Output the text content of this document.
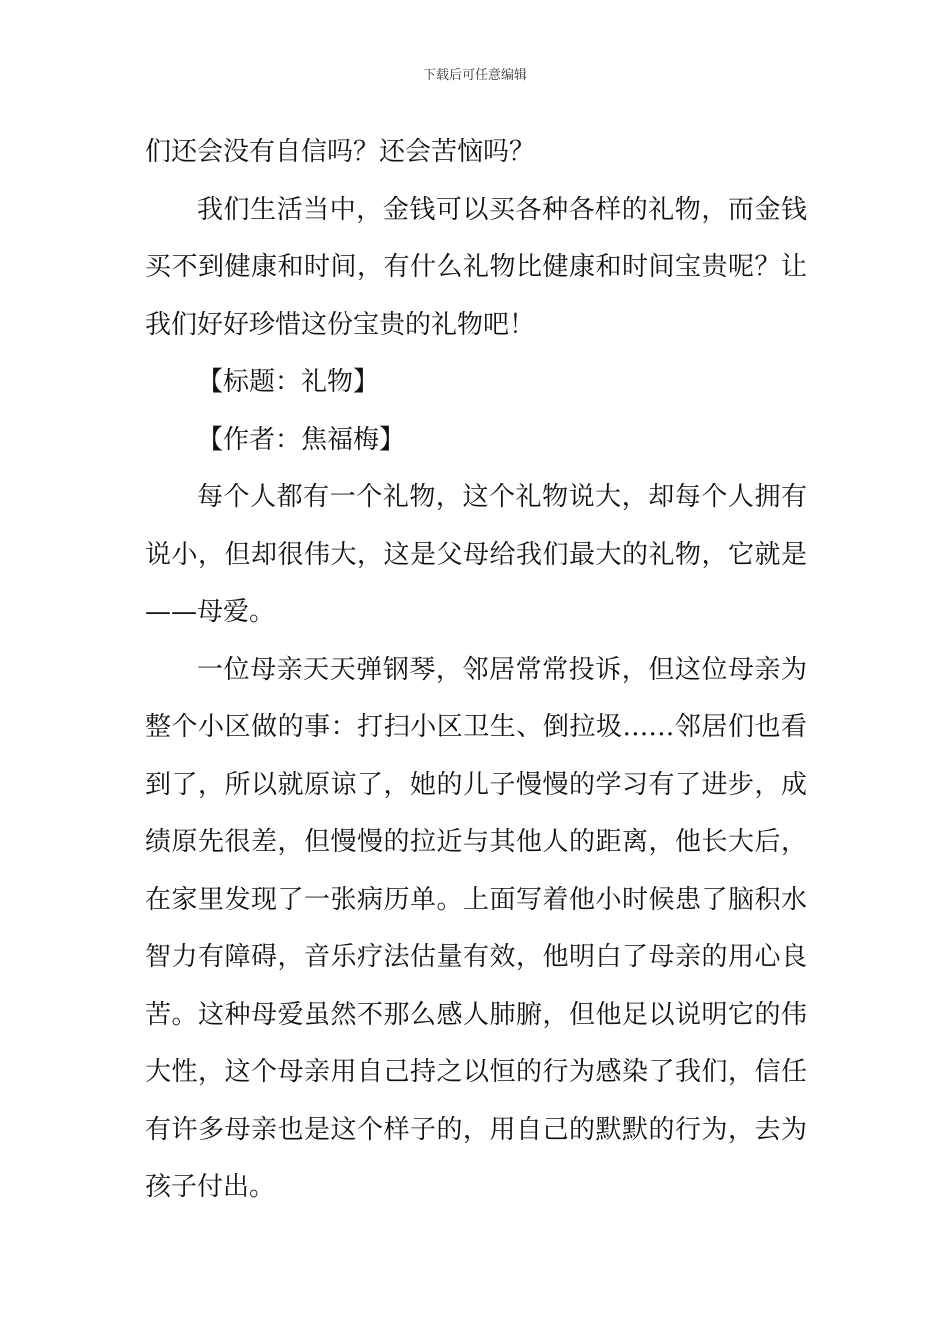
下载后可任意编辑

们还会没有自信吗？还会苦恼吗？

我们生活当中，金钱可以买各种各样的礼物，而金钱买不到健康和时间，有什么礼物比健康和时间宝贵呢？让我们好好珍惜这份宝贵的礼物吧！

【标题：礼物】

【作者：焦福梅】

每个人都有一个礼物，这个礼物说大，却每个人拥有说小，但却很伟大，这是父母给我们最大的礼物，它就是——母爱。

一位母亲天天弹钢琴，邻居常常投诉，但这位母亲为整个小区做的事：打扫小区卫生、倒拉圾……邻居们也看到了，所以就原谅了，她的儿子慢慢的学习有了进步，成绩原先很差，但慢慢的拉近与其他人的距离，他长大后，在家里发现了一张病历单。上面写着他小时候患了脑积水智力有障碍，音乐疗法估量有效，他明白了母亲的用心良苦。这种母爱虽然不那么感人肺腑，但他足以说明它的伟大性，这个母亲用自己持之以恒的行为感染了我们，信任有许多母亲也是这个样子的，用自己的默默的行为，去为孩子付出。
